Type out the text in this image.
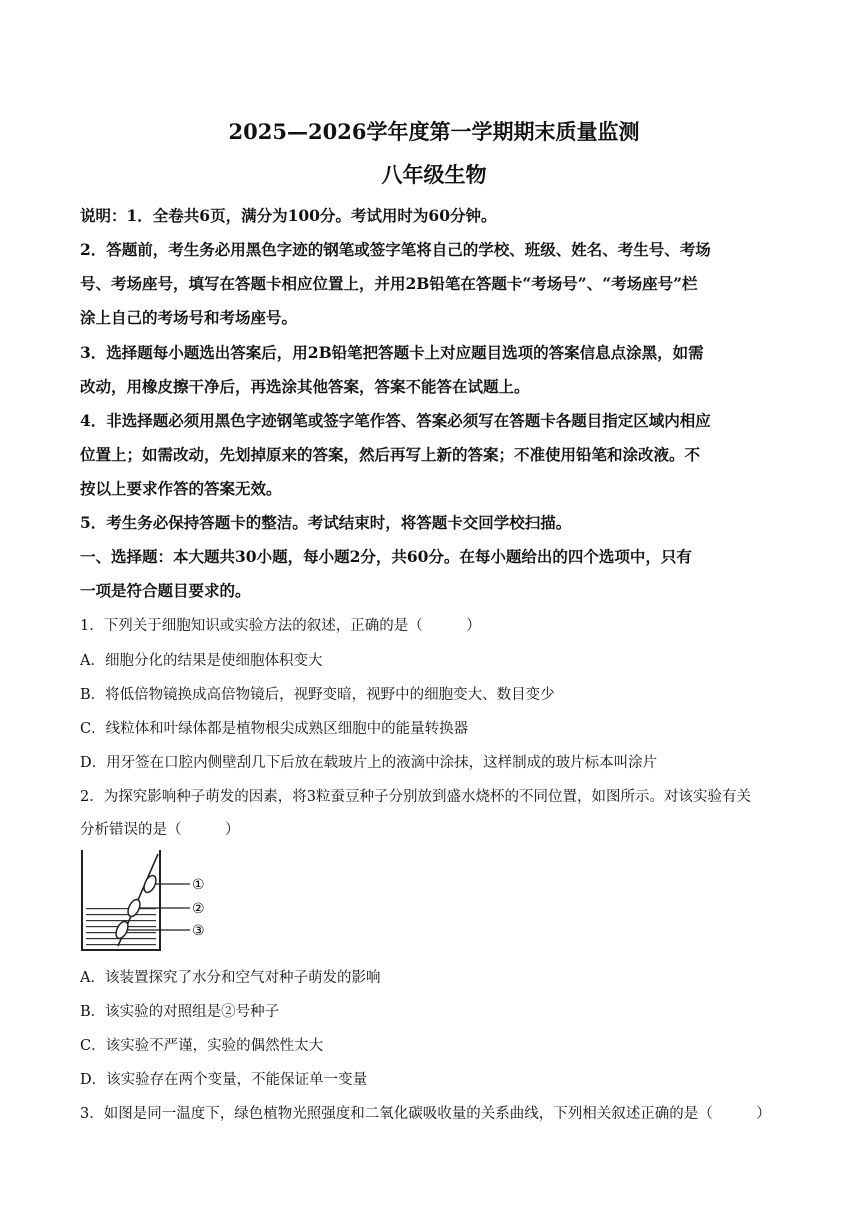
2025—2026学年度第一学期期末质量监测
八年级生物
说明：1．全卷共6页，满分为100分。考试用时为60分钟。
2．答题前，考生务必用黑色字迹的钢笔或签字笔将自己的学校、班级、姓名、考生号、考场
号、考场座号，填写在答题卡相应位置上，并用2B铅笔在答题卡“考场号”、“考场座号”栏
涂上自己的考场号和考场座号。
3．选择题每小题选出答案后，用2B铅笔把答题卡上对应题目选项的答案信息点涂黑，如需
改动，用橡皮擦干净后，再选涂其他答案，答案不能答在试题上。
4．非选择题必须用黑色字迹钢笔或签字笔作答、答案必须写在答题卡各题目指定区域内相应
位置上；如需改动，先划掉原来的答案，然后再写上新的答案；不准使用铅笔和涂改液。不
按以上要求作答的答案无效。
5．考生务必保持答题卡的整洁。考试结束时，将答题卡交回学校扫描。
一、选择题：本大题共30小题，每小题2分，共60分。在每小题给出的四个选项中，只有
一项是符合题目要求的。
1．下列关于细胞知识或实验方法的叙述，正确的是（　　　）
A．细胞分化的结果是使细胞体积变大
B．将低倍物镜换成高倍物镜后，视野变暗，视野中的细胞变大、数目变少
C．线粒体和叶绿体都是植物根尖成熟区细胞中的能量转换器
D．用牙签在口腔内侧壁刮几下后放在载玻片上的液滴中涂抹，这样制成的玻片标本叫涂片
2．为探究影响种子萌发的因素，将3粒蚕豆种子分别放到盛水烧杯的不同位置，如图所示。对该实验有关
分析错误的是（　　　）
①
②
③
A．该装置探究了水分和空气对种子萌发的影响
B．该实验的对照组是②号种子
C．该实验不严谨，实验的偶然性太大
D．该实验存在两个变量，不能保证单一变量
3．如图是同一温度下，绿色植物光照强度和二氧化碳吸收量的关系曲线，下列相关叙述正确的是（　　　）
